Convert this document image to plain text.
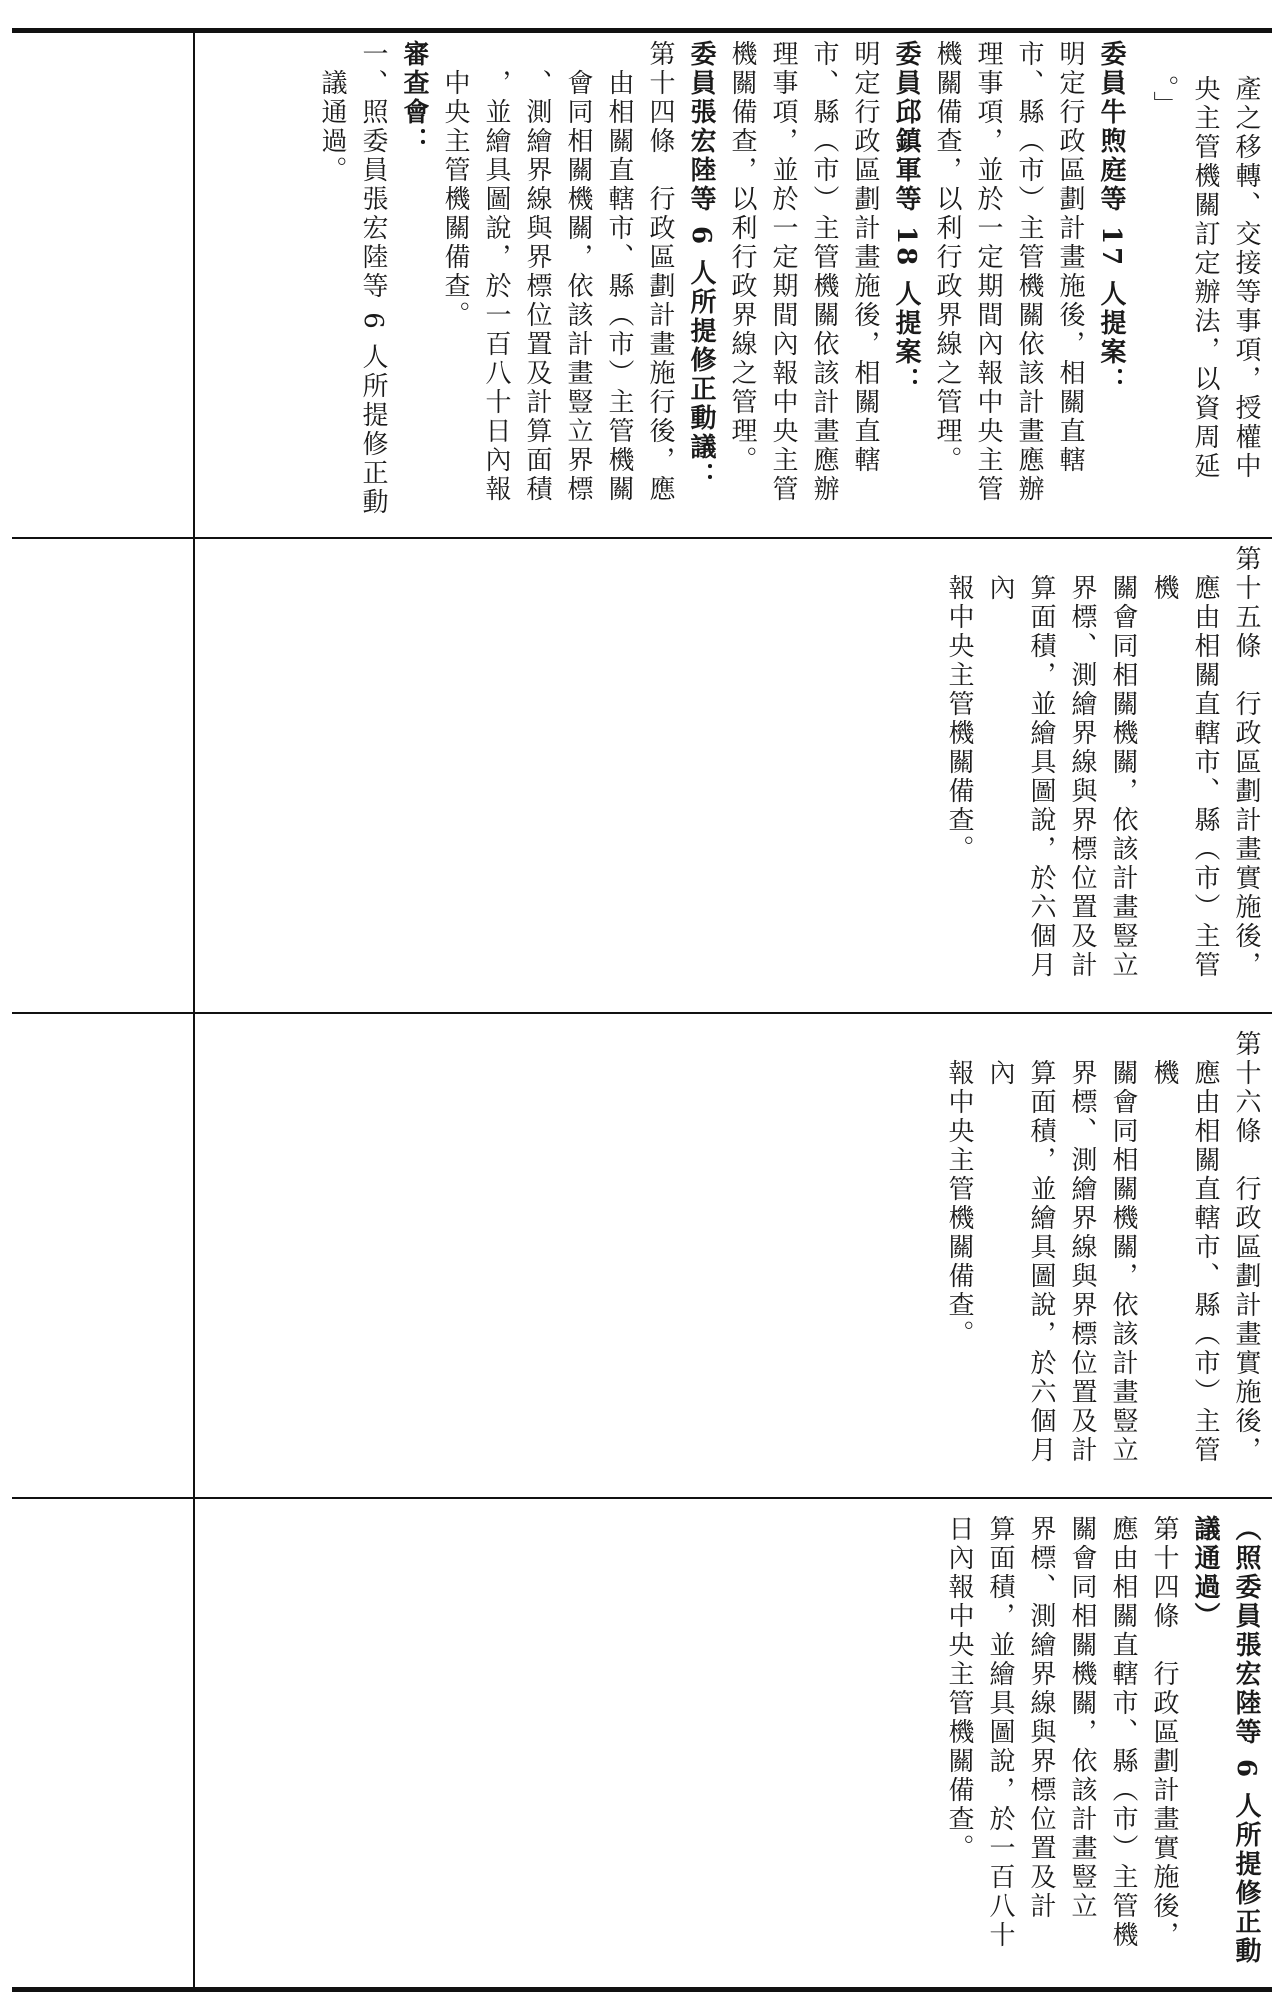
產之移轉、交接等事項，授權中

央主管機關訂定辦法，以資周延

。」

委員牛煦庭等 17 人提案：

明定行政區劃計畫施後，相關直轄

市、縣（市）主管機關依該計畫應辦

理事項，並於一定期間內報中央主管

機關備查，以利行政界線之管理。

委員邱鎮軍等 18 人提案：

明定行政區劃計畫施後，相關直轄

市、縣（市）主管機關依該計畫應辦

理事項，並於一定期間內報中央主管

機關備查，以利行政界線之管理。

委員張宏陸等 6 人所提修正動議：

第十四條　行政區劃計畫施行後，應

由相關直轄市、縣（市）主管機關

會同相關機關，依該計畫豎立界標

、測繪界線與界標位置及計算面積

，並繪具圖說，於一百八十日內報

中央主管機關備查。

審查會：

一、照委員張宏陸等 6 人所提修正動

議通過。

第十五條　行政區劃計畫實施後，

應由相關直轄市、縣（市）主管機

關會同相關機關，依該計畫豎立

界標、測繪界線與界標位置及計

算面積，並繪具圖說，於六個月內

報中央主管機關備查。

第十六條　行政區劃計畫實施後，

應由相關直轄市、縣（市）主管機

關會同相關機關，依該計畫豎立

界標、測繪界線與界標位置及計

算面積，並繪具圖說，於六個月內

報中央主管機關備查。

（照委員張宏陸等 6 人所提修正動

議通過）

第十四條　行政區劃計畫實施後，

應由相關直轄市、縣（市）主管機

關會同相關機關，依該計畫豎立

界標、測繪界線與界標位置及計

算面積，並繪具圖說，於一百八十

日內報中央主管機關備查。
